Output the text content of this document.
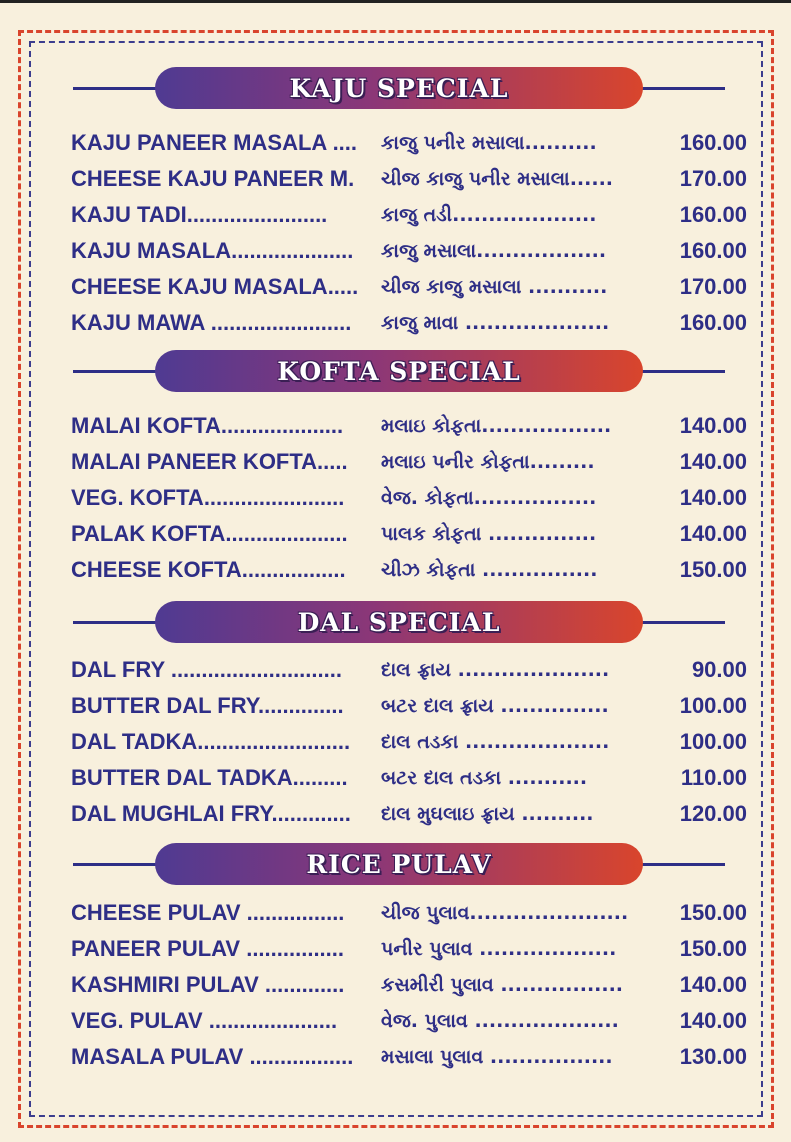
KAJU SPECIAL
KAJU PANEER MASALA .... કાજુ પનીર મસાલા..........	160.00
CHEESE KAJU PANEER M. ચીજ કાજુ પનીર મસાલા......	170.00
KAJU TADI.......................	કાજુ તડી....................	160.00
KAJU MASALA.................... કાજુ મસાલા..................	160.00
CHEESE KAJU MASALA..... ચીજ કાજુ મસાલા ...........	170.00
KAJU MAWA ....................... કાજુ માવા ....................	160.00
KOFTA SPECIAL
MALAI KOFTA.................... મલાઇ કોફતા..................	140.00
MALAI PANEER KOFTA..... મલાઇ પનીર કોફતા.........	140.00
VEG. KOFTA....................... વેજ. કોફતા.................	140.00
PALAK KOFTA.................... પાલક કોફતા ...............	140.00
CHEESE KOFTA................. ચીઝ કોફતા ................	150.00
DAL SPECIAL
DAL FRY ............................ દાલ ફ્રાય .....................	90.00
BUTTER DAL FRY.............. બટર દાલ ફ્રાય ...............	100.00
DAL TADKA......................... દાલ તડકા ....................	100.00
BUTTER DAL TADKA......... બટર દાલ તડકા ...........	110.00
DAL MUGHLAI FRY............. દાલ મુઘલાઇ ફ્રાય ..........	120.00
RICE PULAV
CHEESE PULAV ................ ચીજ પુલાવ...................... 150.00
PANEER PULAV ................ પનીર પુલાવ ...................	150.00
KASHMIRI PULAV ............. કસમીરી પુલાવ .................	140.00
VEG. PULAV ..................... વેજ. પુલાવ ....................	140.00
MASALA PULAV ................. મસાલા પુલાવ .................	130.00
